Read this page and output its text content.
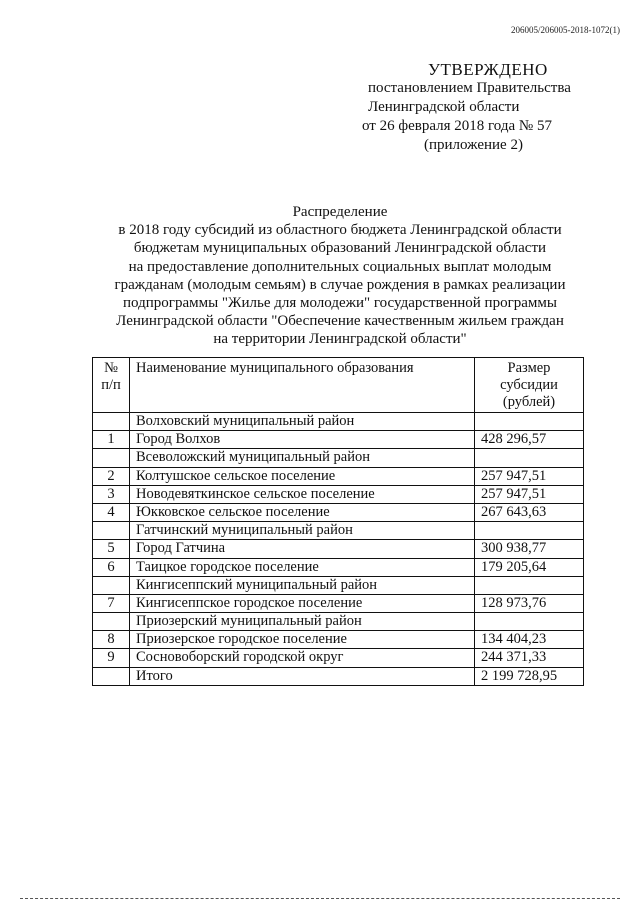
206005/206005-2018-1072(1)
УТВЕРЖДЕНО
постановлением Правительства
Ленинградской области
от 26 февраля 2018 года № 57
(приложение 2)
Распределение
в 2018 году субсидий из областного бюджета Ленинградской области
бюджетам муниципальных образований Ленинградской области
на предоставление дополнительных социальных выплат молодым
гражданам (молодым семьям) в случае рождения в рамках реализации
подпрограммы "Жилье для молодежи" государственной программы
Ленинградской области "Обеспечение качественным жильем граждан
на территории Ленинградской области"
№ п/п	Наименование муниципального образования	Размер субсидии (рублей)
	Волховский муниципальный район	
1	Город Волхов	428 296,57
	Всеволожский муниципальный район	
2	Колтушское сельское поселение	257 947,51
3	Новодевяткинское сельское поселение	257 947,51
4	Юкковское сельское поселение	267 643,63
	Гатчинский муниципальный район	
5	Город Гатчина	300 938,77
6	Таицкое городское поселение	179 205,64
	Кингисеппский муниципальный район	
7	Кингисеппское городское поселение	128 973,76
	Приозерский муниципальный район	
8	Приозерское городское поселение	134 404,23
9	Сосновоборский городской округ	244 371,33
	Итого	2 199 728,95
